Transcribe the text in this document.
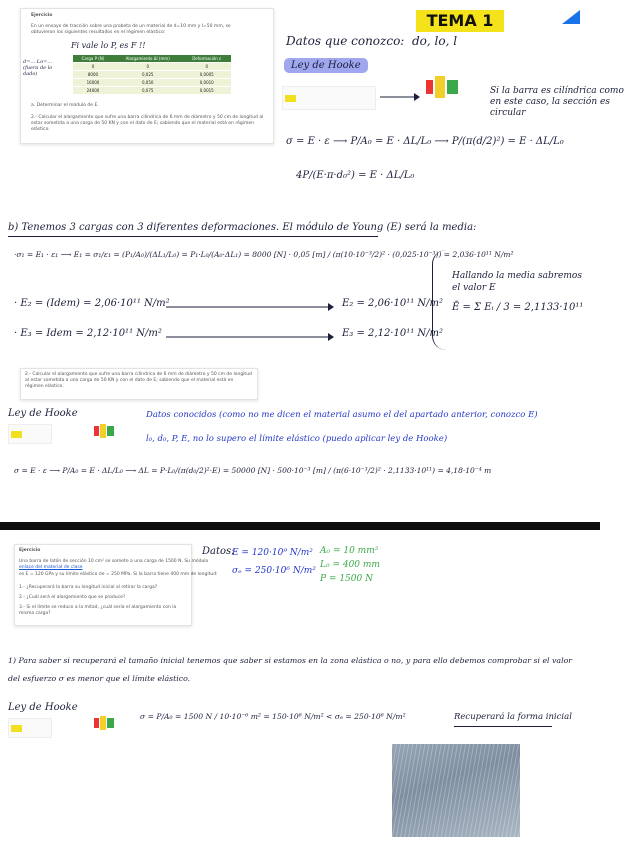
Ejercicio
En un ensayo de tracción sobre una probeta de un material de d=10 mm y l=50 mm, se
obtuvieron los siguientes resultados en el régimen elástico:
Fi vale lo P, es F !!
d=... Lo=... (fuera de lo dado)
Carga P (N)	Alargamiento Δl (mm)	Deformación ε
0	0	0
8000	0,025	0,0005
16000	0,050	0,0010
24000	0,075	0,0015
a. Determinar el módulo de E.
2.- Calcular el alargamiento que sufre una barra cilíndrica de 6 mm de diámetro y 50 cm de longitud al estar sometida a una carga de 50 KN y con el dato de E; sabiendo que el material está en régimen elástico.
TEMA 1
Datos que conozco: do, lo, l
Ley de Hooke
Si la barra es cilíndrica como
en este caso, la sección es
circular
σ = E · ε ⟶ P/A₀ = E · ΔL/L₀ ⟶ P/(π(d/2)²) = E · ΔL/L₀
4P/(E·π·d₀²) = E · ΔL/L₀
b) Tenemos 3 cargas con 3 diferentes deformaciones. El módulo de Young (E) será la media:
·σ₁ = E₁ · ε₁ ⟶ E₁ = σ₁/ε₁ = (P₁/A₀)/(ΔL₁/L₀) = P₁·L₀/(A₀·ΔL₁) = 8000 [N] · 0,05 [m] / (π(10·10⁻³/2)² · (0,025·10⁻³)) = 2,036·10¹¹ N/m²
· E₂ = (Idem) = 2,06·10¹¹ N/m²	E₂ = 2,06·10¹¹ N/m²
· E₃ = Idem = 2,12·10¹¹ N/m²	E₃ = 2,12·10¹¹ N/m²
Hallando la media sabremos el valor E
Ē = Σ Eᵢ / 3 = 2,1133·10¹¹
2.- Calcular el alargamiento que sufre una barra cilíndrica de 6 mm de diámetro y 50 cm de longitud al estar sometida a una carga de 50 KN y con el dato de E; sabiendo que el material está en régimen elástico.
Ley de Hooke	Datos conocidos (como no me dicen el material asumo el del apartado anterior, conozco E)
l₀, d₀, P, E, no lo supero el límite elástico (puedo aplicar ley de Hooke)
σ = E · ε ⟶ P/A₀ = E · ΔL/L₀ ⟶ ΔL = P·L₀/(π(d₀/2)²·E) = 50000 [N] · 500·10⁻³ [m] / (π(6·10⁻³/2)² · 2,1133·10¹¹) = 4,18·10⁻⁴ m
Ejercicio
Una barra de latón de sección 10 cm² se somete a una carga de 1500 N. Su módulo
enlace del material de clase
es E = 120 GPa y su límite elástico σe = 250 MPa. Si la barra tiene 400 mm de longitud:
1.- ¿Recuperará la barra su longitud inicial al retirar la carga?
2.- ¿Cuál será el alargamiento que se produce?
3.- Si el límite se reduce a la mitad, ¿cuál sería el alargamiento con la misma carga?
Datos:
E = 120·10⁹ N/m²
σₑ = 250·10⁶ N/m²
A₀ = 10 mm²
L₀ = 400 mm
P = 1500 N
1) Para saber si recuperará el tamaño inicial tenemos que saber si estamos en la zona elástica o no, y para ello debemos comprobar si el valor
del esfuerzo σ es menor que el límite elástico.
Ley de Hooke
σ = P/A₀ = 1500 N / 10·10⁻⁶ m² = 150·10⁶ N/m² < σₑ = 250·10⁶ N/m²	Recuperará la forma inicial
